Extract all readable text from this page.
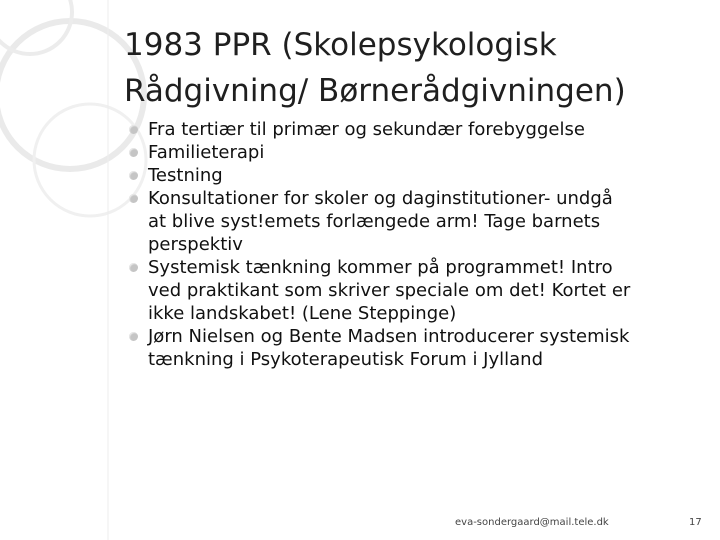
1983 PPR (Skolepsykologisk
Rådgivning/ Børnerådgivningen)
Fra tertiær til primær og sekundær forebyggelse
Familieterapi
Testning
Konsultationer for skoler og daginstitutioner- undgå
at blive syst!emets forlængede arm! Tage barnets
perspektiv
Systemisk tænkning kommer på programmet! Intro
ved praktikant som skriver speciale om det! Kortet er
ikke landskabet! (Lene Steppinge)
Jørn Nielsen og Bente Madsen introducerer systemisk
tænkning i Psykoterapeutisk Forum i Jylland
eva-sondergaard@mail.tele.dk	17
